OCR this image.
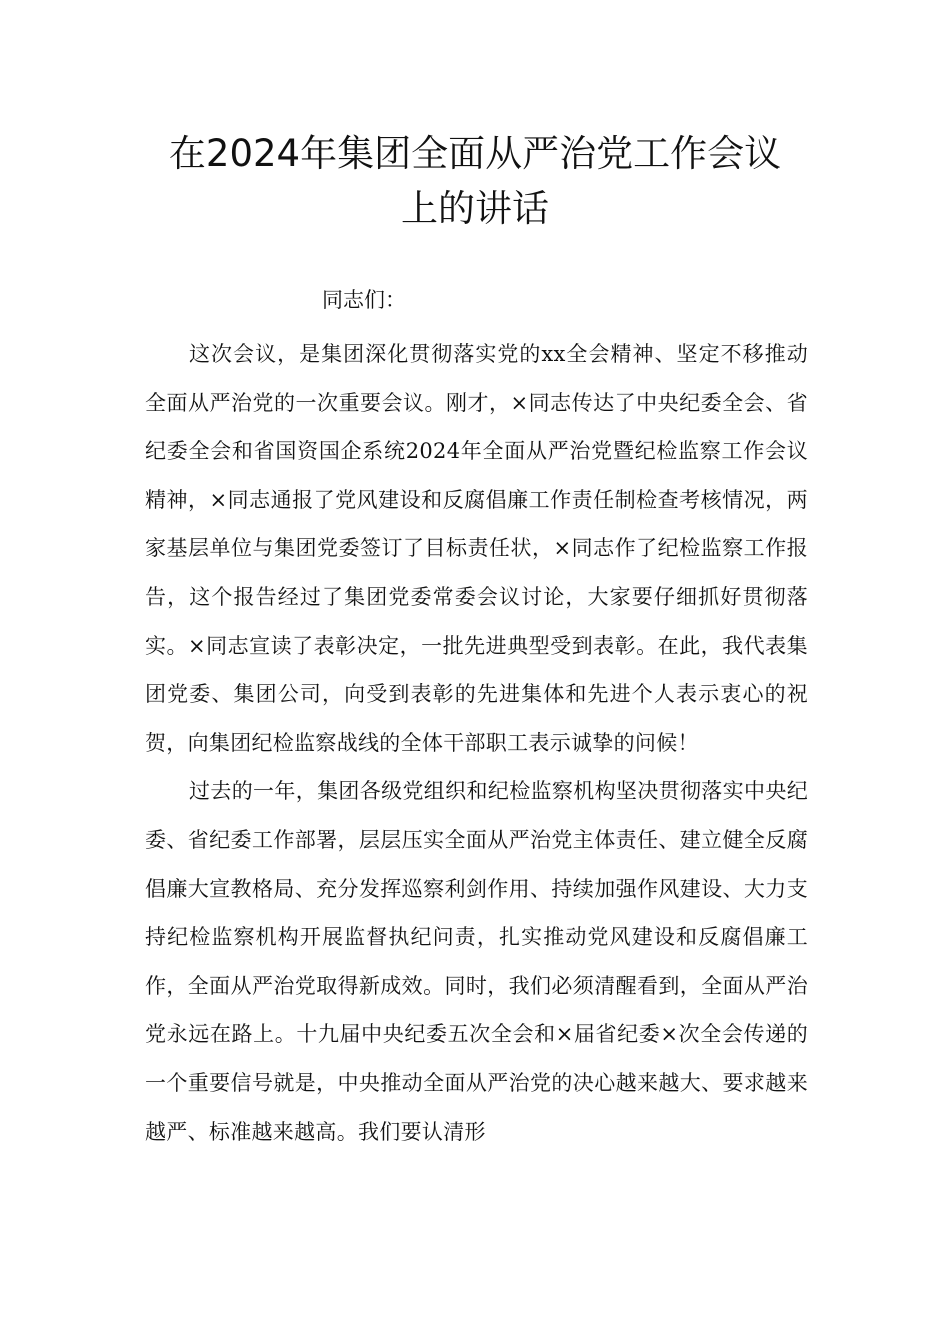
在2024年集团全面从严治党工作会议
上的讲话

同志们：

这次会议，是集团深化贯彻落实党的xx全会精神、坚定不移推动全面从严治党的一次重要会议。刚才，×同志传达了中央纪委全会、省纪委全会和省国资国企系统2024年全面从严治党暨纪检监察工作会议精神，×同志通报了党风建设和反腐倡廉工作责任制检查考核情况，两家基层单位与集团党委签订了目标责任状，×同志作了纪检监察工作报告，这个报告经过了集团党委常委会议讨论，大家要仔细抓好贯彻落实。×同志宣读了表彰决定，一批先进典型受到表彰。在此，我代表集团党委、集团公司，向受到表彰的先进集体和先进个人表示衷心的祝贺，向集团纪检监察战线的全体干部职工表示诚挚的问候！

过去的一年，集团各级党组织和纪检监察机构坚决贯彻落实中央纪委、省纪委工作部署，层层压实全面从严治党主体责任、建立健全反腐倡廉大宣教格局、充分发挥巡察利剑作用、持续加强作风建设、大力支持纪检监察机构开展监督执纪问责，扎实推动党风建设和反腐倡廉工作，全面从严治党取得新成效。同时，我们必须清醒看到，全面从严治党永远在路上。十九届中央纪委五次全会和×届省纪委×次全会传递的一个重要信号就是，中央推动全面从严治党的决心越来越大、要求越来越严、标准越来越高。我们要认清形
